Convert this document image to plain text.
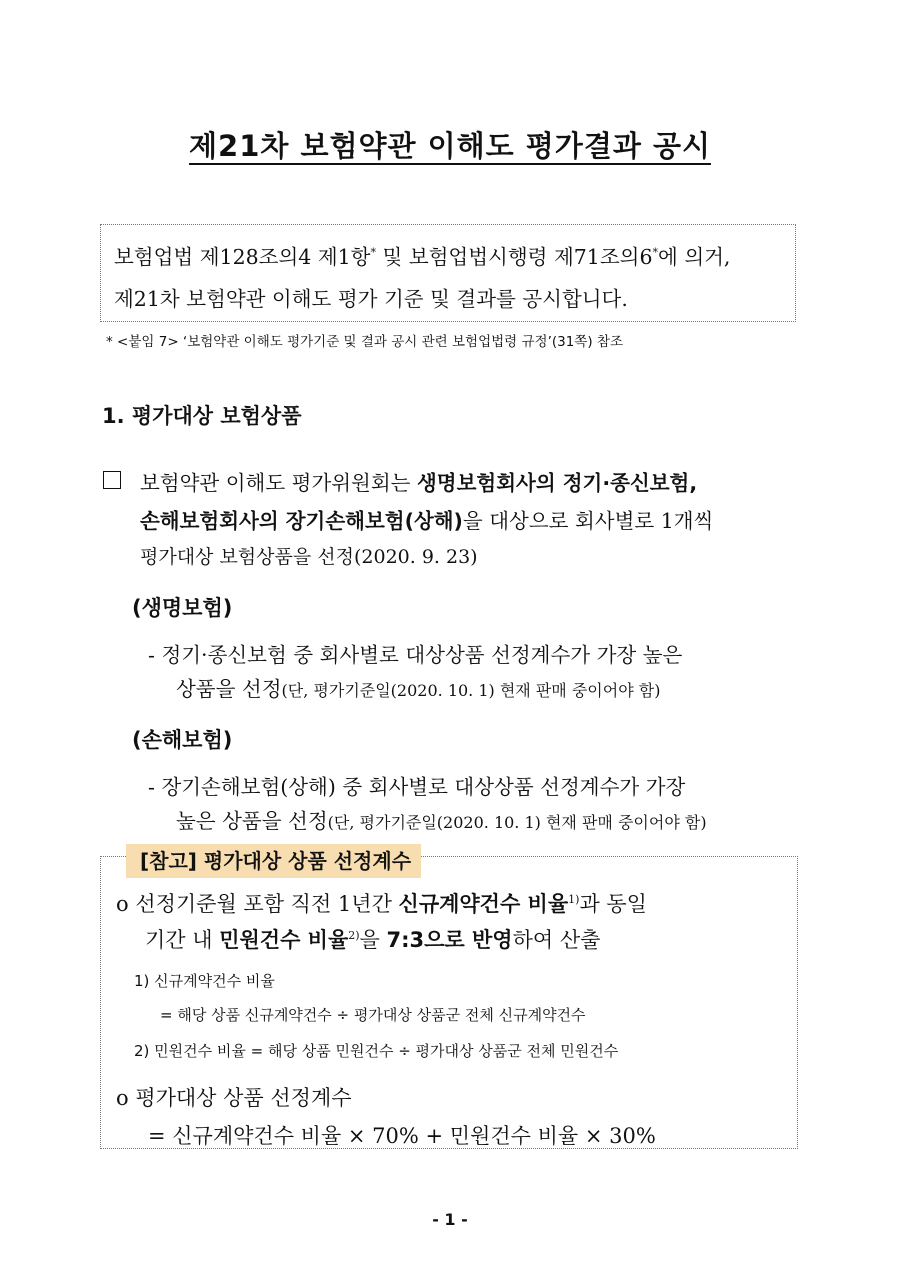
제21차 보험약관 이해도 평가결과 공시
보험업법 제128조의4 제1항* 및 보험업법시행령 제71조의6*에 의거,
제21차 보험약관 이해도 평가 기준 및 결과를 공시합니다.
* <붙임 7> ‘보험약관 이해도 평가기준 및 결과 공시 관련 보험업법령 규정’(31쪽) 참조
1. 평가대상 보험상품
보험약관 이해도 평가위원회는 생명보험회사의 정기·종신보험,
손해보험회사의 장기손해보험(상해)을 대상으로 회사별로 1개씩
평가대상 보험상품을 선정(2020. 9. 23)
(생명보험)
- 정기·종신보험 중 회사별로 대상상품 선정계수가 가장 높은
상품을 선정(단, 평가기준일(2020. 10. 1) 현재 판매 중이어야 함)
(손해보험)
- 장기손해보험(상해) 중 회사별로 대상상품 선정계수가 가장
높은 상품을 선정(단, 평가기준일(2020. 10. 1) 현재 판매 중이어야 함)
[참고] 평가대상 상품 선정계수
o 선정기준월 포함 직전 1년간 신규계약건수 비율$^{1)}$과 동일
기간 내 민원건수 비율$^{2)}$을 7:3으로 반영하여 산출
1) 신규계약건수 비율
= 해당 상품 신규계약건수 ÷ 평가대상 상품군 전체 신규계약건수
2) 민원건수 비율 = 해당 상품 민원건수 ÷ 평가대상 상품군 전체 민원건수
o 평가대상 상품 선정계수
= 신규계약건수 비율 × 70% + 민원건수 비율 × 30%
- 1 -
